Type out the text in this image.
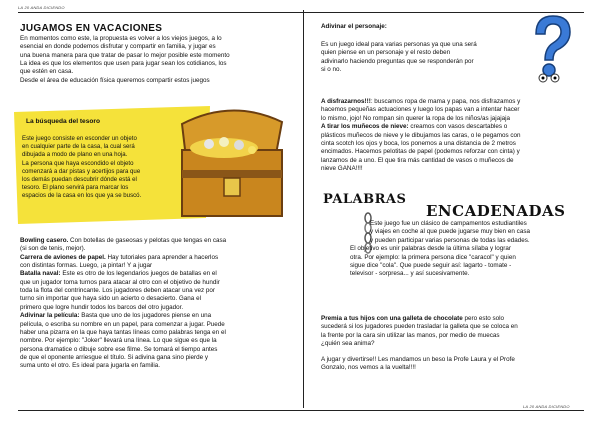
LA 20 ANDA DICIENDO
JUGAMOS EN VACACIONES
En momentos como este, la propuesta es volver a los viejos juegos, a lo
esencial en donde podemos disfrutar y compartir en familia, y jugar es
una buena manera para que tratar de pasar lo mejor posible este momento
La idea es que los elementos que usen para jugar sean los cotidianos, los
que estén en casa.
Desde el área de educación física queremos compartir estos juegos
La búsqueda del tesoro
Este juego consiste en esconder un objeto
en cualquier parte de la casa, la cual será
dibujada a modo de plano en una hoja.
La persona que haya escondido el objeto
comenzará a dar pistas y acertijos para que
los demás puedan descubrir dónde está el
tesoro. El plano servirá para marcar los
espacios de la casa en los que ya se buscó.
Bowling casero. Con botellas de gaseosas y pelotas que tengas en casa
(si son de tenis, mejor).
Carrera de aviones de papel. Hay tutoriales para aprender a hacerlos
con distintas formas. Luego, ¡a pintar! Y a jugar
Batalla naval: Este es otro de los legendarios juegos de batallas en el
que un jugador toma turnos para atacar al otro con el objetivo de hundir
toda la flota del contrincante. Los jugadores deben atacar una vez por
turno sin importar que haya sido un acierto o desacierto. Gana el
primero que logre hundir todos los barcos del otro jugador.
Adivinar la película: Basta que uno de los jugadores piense en una
película, o escriba su nombre en un papel, para comenzar a jugar. Puede
haber una pizarra en la que haya tantas líneas como palabras tenga en el
nombre. Por ejemplo: "Joker" llevará una línea. Lo que sigue es que la
persona dramatice o dibuje sobre ese filme. Se tomará el tiempo antes
de que el oponente arriesgue el título. Si adivina gana sino pierde y
suma unto el otro. Es ideal para jugarla en familia.
Adivinar el personaje:
Es un juego ideal para varias personas ya que una será
quien piense en un personaje y el resto deben
adivinarlo haciendo preguntas que se responderán por
si o no.
A disfrazarnos!!!: buscamos ropa de mama y papa, nos disfrazamos y
hacemos pequeñas actuaciones y luego los papas van a intentar hacer
lo mismo, jojo! No rompan sin querer la ropa de los niños/as jajajaja
A tirar los muñecos de nieve: creamos con vasos descartables o
plásticos muñecos de nieve y le dibujamos las caras, o le pegamos con
cinta scotch los ojos y boca, los ponemos a una distancia de 2 metros
encimados. Hacemos pelotitas de papel (podemos reforzar con cinta) y
lanzamos de a uno. El que tira más cantidad de vasos o muñecos de
nieve GANA!!!!
PALABRAS
ENCADENADAS
Este juego fue un clásico de campamentos estudiantiles
y viajes en coche al que puede jugarse muy bien en casa
y pueden participar varias personas de todas las edades.
El objetivo es unir palabras desde la última sílaba y lograr
otra. Por ejemplo: la primera persona dice "caracol" y quien
sigue dice "cola". Que puede seguir así: lagarto - tomate -
televisor - sorpresa... y así sucesivamente.
Premia a tus hijos con una galleta de chocolate pero esto solo
sucederá si los jugadores pueden trasladar la galleta que se coloca en
la frente por la cara sin utilizar las manos, por medio de muecas
¿quién sea anima?
A jugar y divertirse!! Les mandamos un beso la Profe Laura y el Profe
Gonzalo, nos vemos a la vuelta!!!!
LA 20 ANDA DICIENDO
